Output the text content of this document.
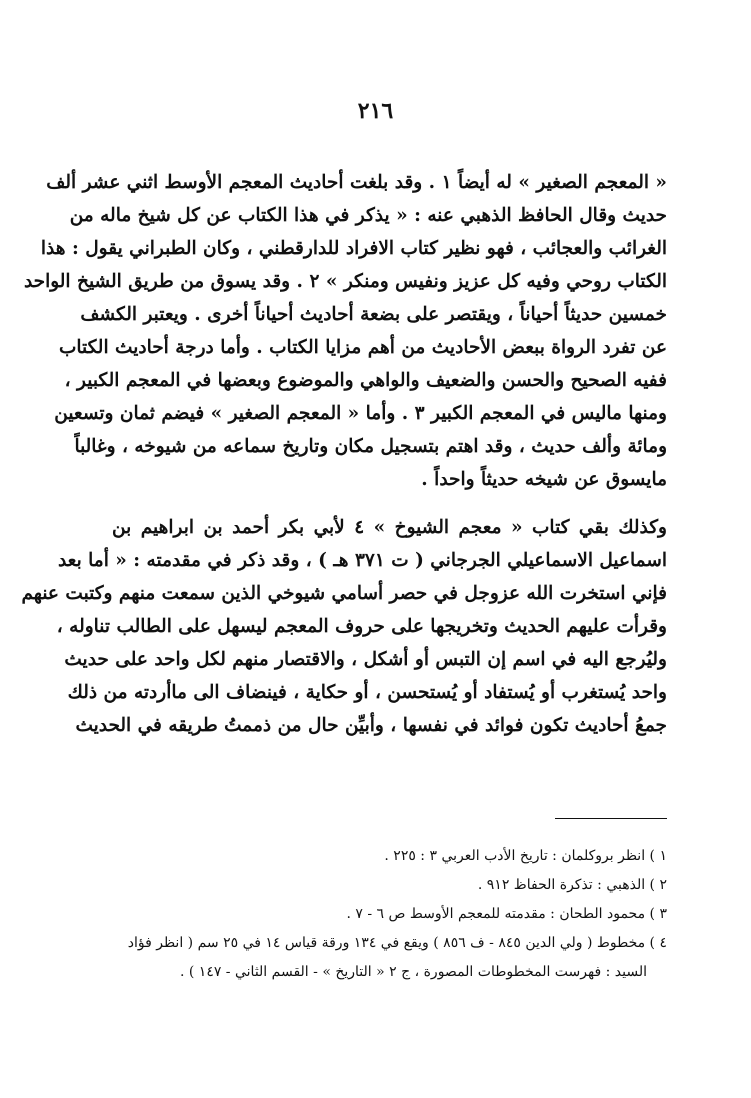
٢١٦
« المعجم الصغير » له أيضاً ١ . وقد بلغت أحاديث المعجم الأوسط اثني عشر ألف
حديث وقال الحافظ الذهبي عنه : « يذكر في هذا الكتاب عن كل شيخ ماله من
الغرائب والعجائب ، فهو نظير كتاب الافراد للدارقطني ، وكان الطبراني يقول : هذا
الكتاب روحي وفيه كل عزيز ونفيس ومنكر » ٢ . وقد يسوق من طريق الشيخ الواحد
خمسين حديثاً أحياناً ، ويقتصر على بضعة أحاديث أحياناً أخرى . ويعتبر الكشف
عن تفرد الرواة ببعض الأحاديث من أهم مزايا الكتاب . وأما درجة أحاديث الكتاب
ففيه الصحيح والحسن والضعيف والواهي والموضوع وبعضها في المعجم الكبير ،
ومنها ماليس في المعجم الكبير ٣ . وأما « المعجم الصغير » فيضم ثمان وتسعين
ومائة وألف حديث ، وقد اهتم بتسجيل مكان وتاريخ سماعه من شيوخه ، وغالباً
مايسوق عن شيخه حديثاً واحداً .
وكذلك بقي كتاب « معجم الشيوخ » ٤ لأبي بكر أحمد بن ابراهيم بن
اسماعيل الاسماعيلي الجرجاني ( ت ٣٧١ هـ ) ، وقد ذكر في مقدمته : « أما بعد
فإني استخرت الله عزوجل في حصر أسامي شيوخي الذين سمعت منهم وكتبت عنهم
وقرأت عليهم الحديث وتخريجها على حروف المعجم ليسهل على الطالب تناوله ،
وليُرجع اليه في اسم إن التبس أو أشكل ، والاقتصار منهم لكل واحد على حديث
واحد يُستغرب أو يُستفاد أو يُستحسن ، أو حكاية ، فينضاف الى ماأردته من ذلك
جمعُ أحاديث تكون فوائد في نفسها ، وأبيِّن حال من ذممتُ طريقه في الحديث
١ ) انظر بروكلمان : تاريخ الأدب العربي ٣ : ٢٢٥ .
٢ ) الذهبي : تذكرة الحفاظ ٩١٢ .
٣ ) محمود الطحان : مقدمته للمعجم الأوسط ص ٦ - ٧ .
٤ ) مخطوط ( ولي الدين ٨٤٥ - ف ٨٥٦ ) ويقع في ١٣٤ ورقة قياس ١٤ في ٢٥ سم ( انظر فؤاد
السيد : فهرست المخطوطات المصورة ، ج ٢ « التاريخ » - القسم الثاني - ١٤٧ ) .
